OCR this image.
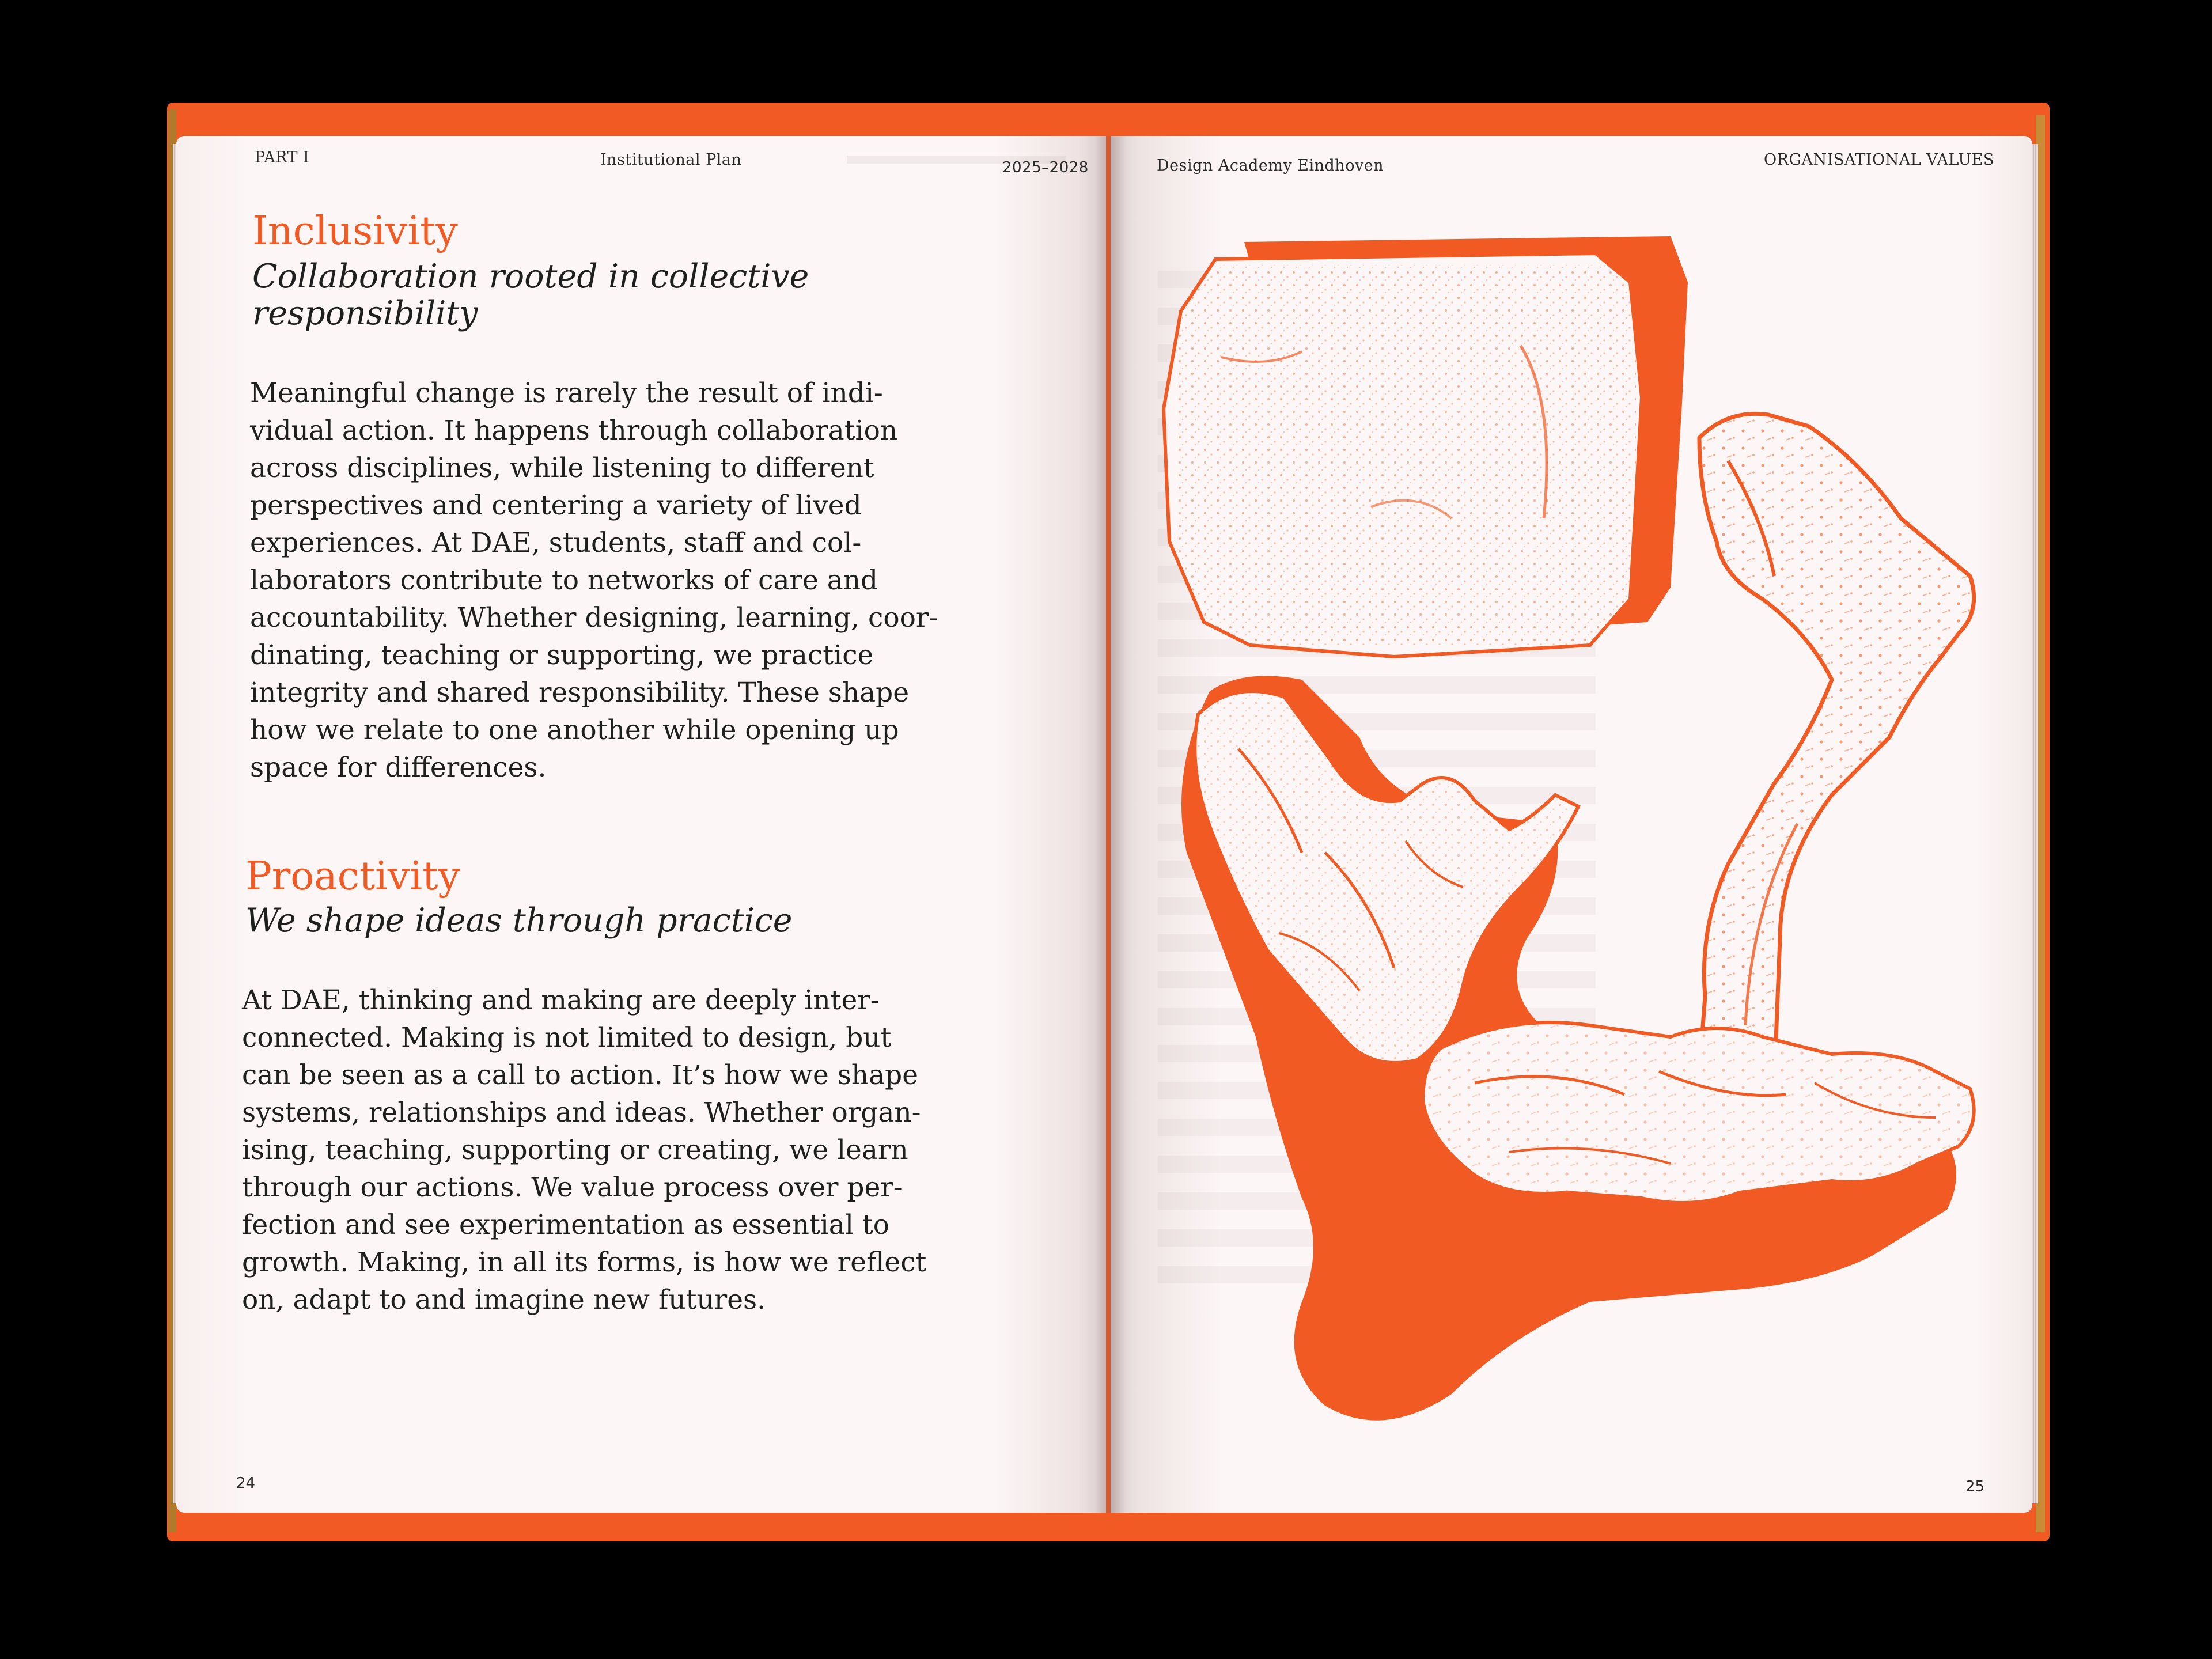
PART I	Institutional Plan	2025–2028
Inclusivity
Collaboration rooted in collective
responsibility
Meaningful change is rarely the result of indi-
vidual action. It happens through collaboration
across disciplines, while listening to different
perspectives and centering a variety of lived
experiences. At DAE, students, staff and col-
laborators contribute to networks of care and
accountability. Whether designing, learning, coor-
dinating, teaching or supporting, we practice
integrity and shared responsibility. These shape
how we relate to one another while opening up
space for differences.
Proactivity
We shape ideas through practice
At DAE, thinking and making are deeply inter-
connected. Making is not limited to design, but
can be seen as a call to action. It’s how we shape
systems, relationships and ideas. Whether organ-
ising, teaching, supporting or creating, we learn
through our actions. We value process over per-
fection and see experimentation as essential to
growth. Making, in all its forms, is how we reflect
on, adapt to and imagine new futures.
24
Design Academy Eindhoven	ORGANISATIONAL VALUES
25
